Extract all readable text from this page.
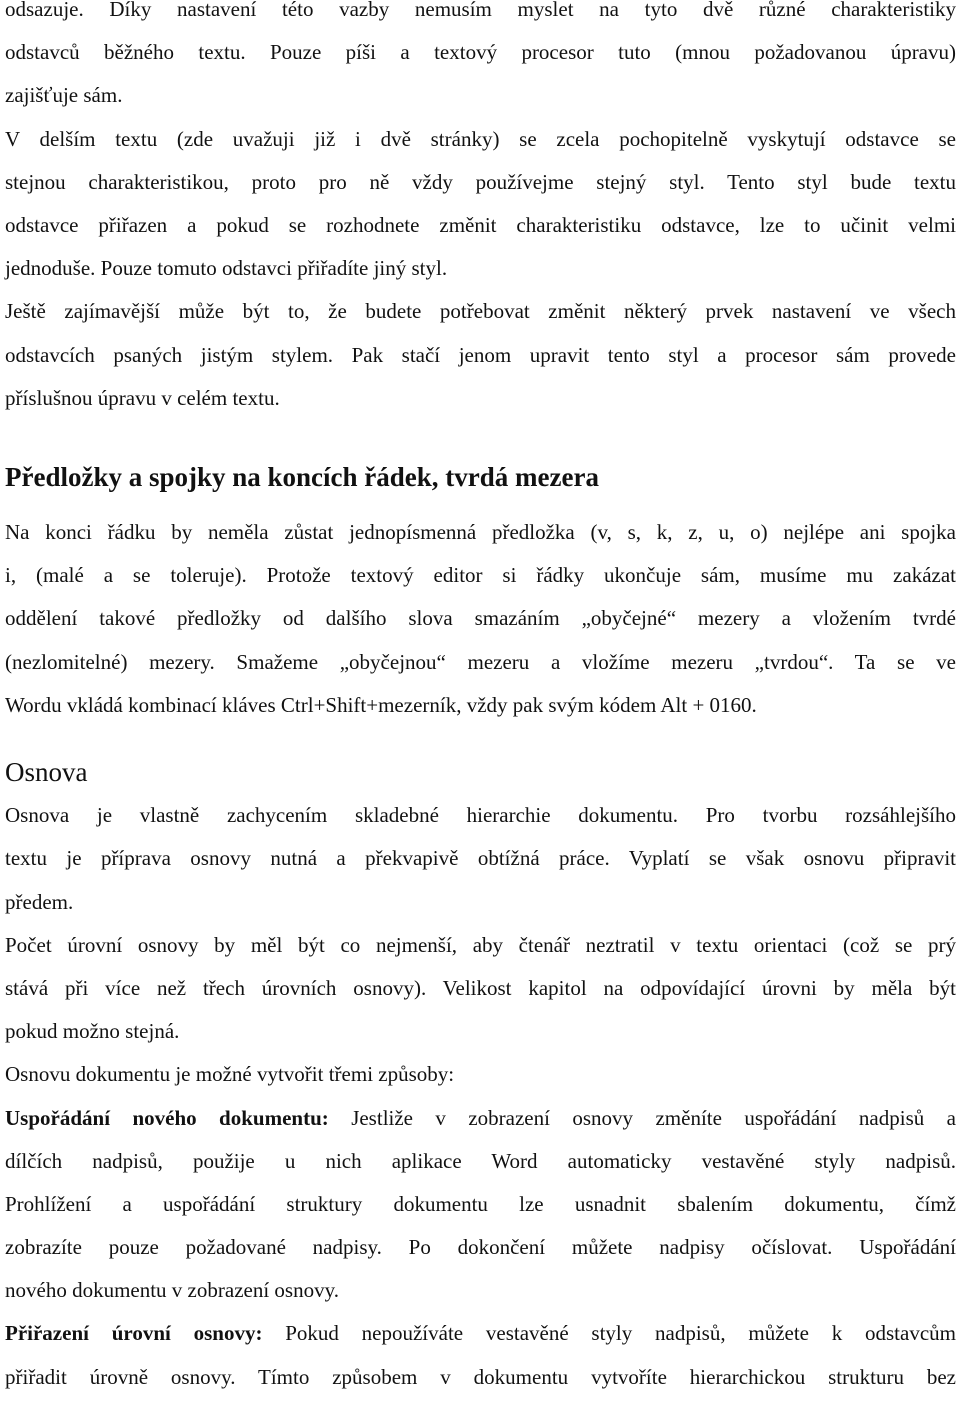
odsazuje. Díky nastavení této vazby nemusím myslet na tyto dvě různé charakteristiky
odstavců běžného textu. Pouze píši a textový procesor tuto (mnou požadovanou úpravu)
zajišťuje sám.
V delším textu (zde uvažuji již i dvě stránky) se zcela pochopitelně vyskytují odstavce se
stejnou charakteristikou, proto pro ně vždy používejme stejný styl. Tento styl bude textu
odstavce přiřazen a pokud se rozhodnete změnit charakteristiku odstavce, lze to učinit velmi
jednoduše. Pouze tomuto odstavci přiřadíte jiný styl.
Ještě zajímavější může být to, že budete potřebovat změnit některý prvek nastavení ve všech
odstavcích psaných jistým stylem. Pak stačí jenom upravit tento styl a procesor sám provede
příslušnou úpravu v celém textu.
Předložky a spojky na koncích řádek, tvrdá mezera
Na konci řádku by neměla zůstat jednopísmenná předložka (v, s, k, z, u, o) nejlépe ani spojka
i, (malé a se toleruje). Protože textový editor si řádky ukončuje sám, musíme mu zakázat
oddělení takové předložky od dalšího slova smazáním „obyčejné“ mezery a vložením tvrdé
(nezlomitelné) mezery. Smažeme „obyčejnou“ mezeru a vložíme mezeru „tvrdou“. Ta se ve
Wordu vkládá kombinací kláves Ctrl+Shift+mezerník, vždy pak svým kódem Alt + 0160.
Osnova
Osnova je vlastně zachycením skladebné hierarchie dokumentu. Pro tvorbu rozsáhlejšího
textu je příprava osnovy nutná a překvapivě obtížná práce. Vyplatí se však osnovu připravit
předem.
Počet úrovní osnovy by měl být co nejmenší, aby čtenář neztratil v textu orientaci (což se prý
stává při více než třech úrovních osnovy). Velikost kapitol na odpovídající úrovni by měla být
pokud možno stejná.
Osnovu dokumentu je možné vytvořit třemi způsoby:
Uspořádání nového dokumentu: Jestliže v zobrazení osnovy změníte uspořádání nadpisů a
dílčích nadpisů, použije u nich aplikace Word automaticky vestavěné styly nadpisů.
Prohlížení a uspořádání struktury dokumentu lze usnadnit sbalením dokumentu, čímž
zobrazíte pouze požadované nadpisy. Po dokončení můžete nadpisy očíslovat. Uspořádání
nového dokumentu v zobrazení osnovy.
Přiřazení úrovní osnovy: Pokud nepoužíváte vestavěné styly nadpisů, můžete k odstavcům
přiřadit úrovně osnovy. Tímto způsobem v dokumentu vytvoříte hierarchickou strukturu bez
